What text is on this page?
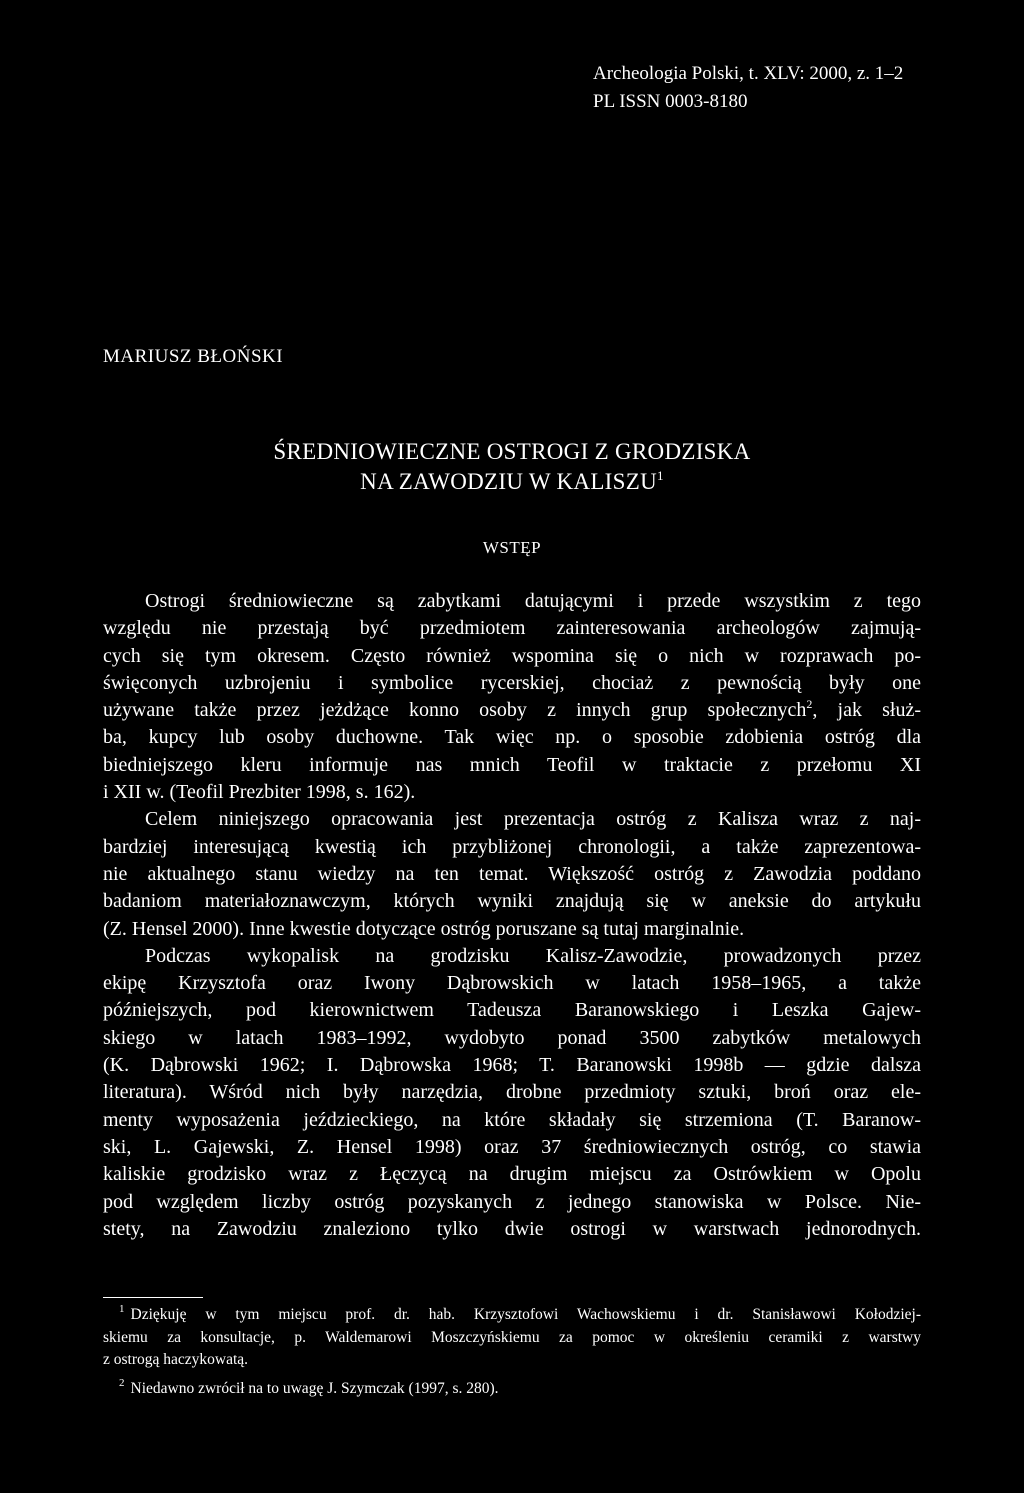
Archeologia Polski, t. XLV: 2000, z. 1–2
PL ISSN 0003-8180
MARIUSZ BŁOŃSKI
ŚREDNIOWIECZNE OSTROGI Z GRODZISKA
NA ZAWODZIU W KALISZU$^1$
WSTĘP
Ostrogi średniowieczne są zabytkami datującymi i przede wszystkim z tego
względu nie przestają być przedmiotem zainteresowania archeologów zajmują-
cych się tym okresem. Często również wspomina się o nich w rozprawach po-
święconych uzbrojeniu i symbolice rycerskiej, chociaż z pewnością były one
używane także przez jeżdżące konno osoby z innych grup społecznych$^2$, jak służ-
ba, kupcy lub osoby duchowne. Tak więc np. o sposobie zdobienia ostróg dla
biedniejszego kleru informuje nas mnich Teofil w traktacie z przełomu XI
i XII w. (Teofil Prezbiter 1998, s. 162).
Celem niniejszego opracowania jest prezentacja ostróg z Kalisza wraz z naj-
bardziej interesującą kwestią ich przybliżonej chronologii, a także zaprezentowa-
nie aktualnego stanu wiedzy na ten temat. Większość ostróg z Zawodzia poddano
badaniom materiałoznawczym, których wyniki znajdują się w aneksie do artykułu
(Z. Hensel 2000). Inne kwestie dotyczące ostróg poruszane są tutaj marginalnie.
Podczas wykopalisk na grodzisku Kalisz-Zawodzie, prowadzonych przez
ekipę Krzysztofa oraz Iwony Dąbrowskich w latach 1958–1965, a także
późniejszych, pod kierownictwem Tadeusza Baranowskiego i Leszka Gajew-
skiego w latach 1983–1992, wydobyto ponad 3500 zabytków metalowych
(K. Dąbrowski 1962; I. Dąbrowska 1968; T. Baranowski 1998b — gdzie dalsza
literatura). Wśród nich były narzędzia, drobne przedmioty sztuki, broń oraz ele-
menty wyposażenia jeździeckiego, na które składały się strzemiona (T. Baranow-
ski, L. Gajewski, Z. Hensel 1998) oraz 37 średniowiecznych ostróg, co stawia
kaliskie grodzisko wraz z Łęczycą na drugim miejscu za Ostrówkiem w Opolu
pod względem liczby ostróg pozyskanych z jednego stanowiska w Polsce. Nie-
stety, na Zawodziu znaleziono tylko dwie ostrogi w warstwach jednorodnych.
$^1$ Dziękuję w tym miejscu prof. dr. hab. Krzysztofowi Wachowskiemu i dr. Stanisławowi Kołodziej-
skiemu za konsultacje, p. Waldemarowi Moszczyńskiemu za pomoc w określeniu ceramiki z warstwy
z ostrogą haczykowatą.
$^2$ Niedawno zwrócił na to uwagę J. Szymczak (1997, s. 280).
